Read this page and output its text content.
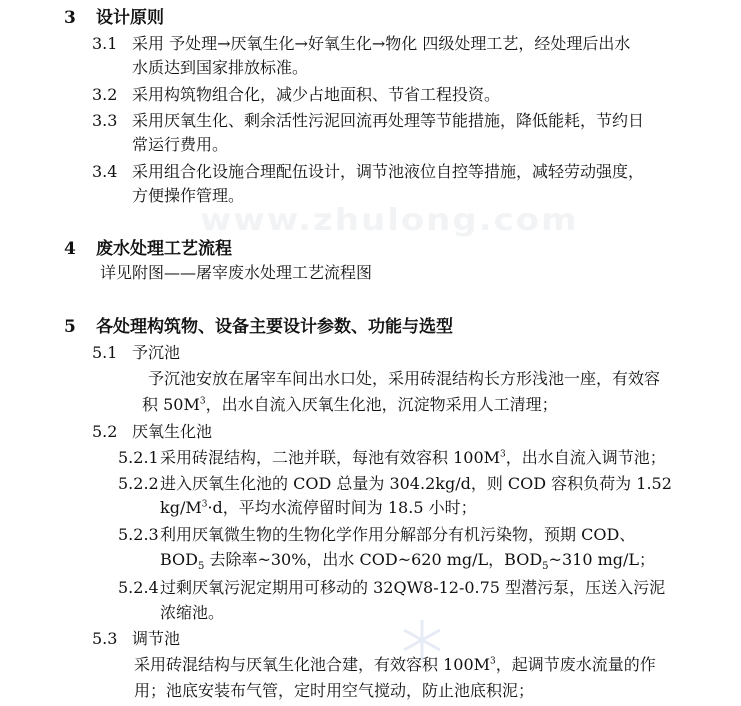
www.zhulong.com
3 设计原则
3.1 采用 予处理→厌氧生化→好氧生化→物化 四级处理工艺，经处理后出水
水质达到国家排放标准。
3.2 采用构筑物组合化，减少占地面积、节省工程投资。
3.3 采用厌氧生化、剩余活性污泥回流再处理等节能措施，降低能耗，节约日
常运行费用。
3.4 采用组合化设施合理配伍设计，调节池液位自控等措施，减轻劳动强度，
方便操作管理。
4 废水处理工艺流程
详见附图——屠宰废水处理工艺流程图
5 各处理构筑物、设备主要设计参数、功能与选型
5.1 予沉池
予沉池安放在屠宰车间出水口处，采用砖混结构长方形浅池一座，有效容
积 $50M^3$，出水自流入厌氧生化池，沉淀物采用人工清理；
5.2 厌氧生化池
5.2.1 采用砖混结构，二池并联，每池有效容积 $100M^3$，出水自流入调节池；
5.2.2 进入厌氧生化池的 COD 总量为 304.2kg/d，则 COD 容积负荷为 1.52
$kg/M^3\cdot d$，平均水流停留时间为 18.5 小时；
5.2.3 利用厌氧微生物的生物化学作用分解部分有机污染物，预期 COD、
$BOD_5$ 去除率~30%，出水 COD~620 mg/L，$BOD_5\sim 310$ mg/L；
5.2.4 过剩厌氧污泥定期用可移动的 32QW8-12-0.75 型潜污泵，压送入污泥
浓缩池。
5.3 调节池
采用砖混结构与厌氧生化池合建，有效容积 $100M^3$，起调节废水流量的作
用；池底安装布气管，定时用空气搅动，防止池底积泥；
